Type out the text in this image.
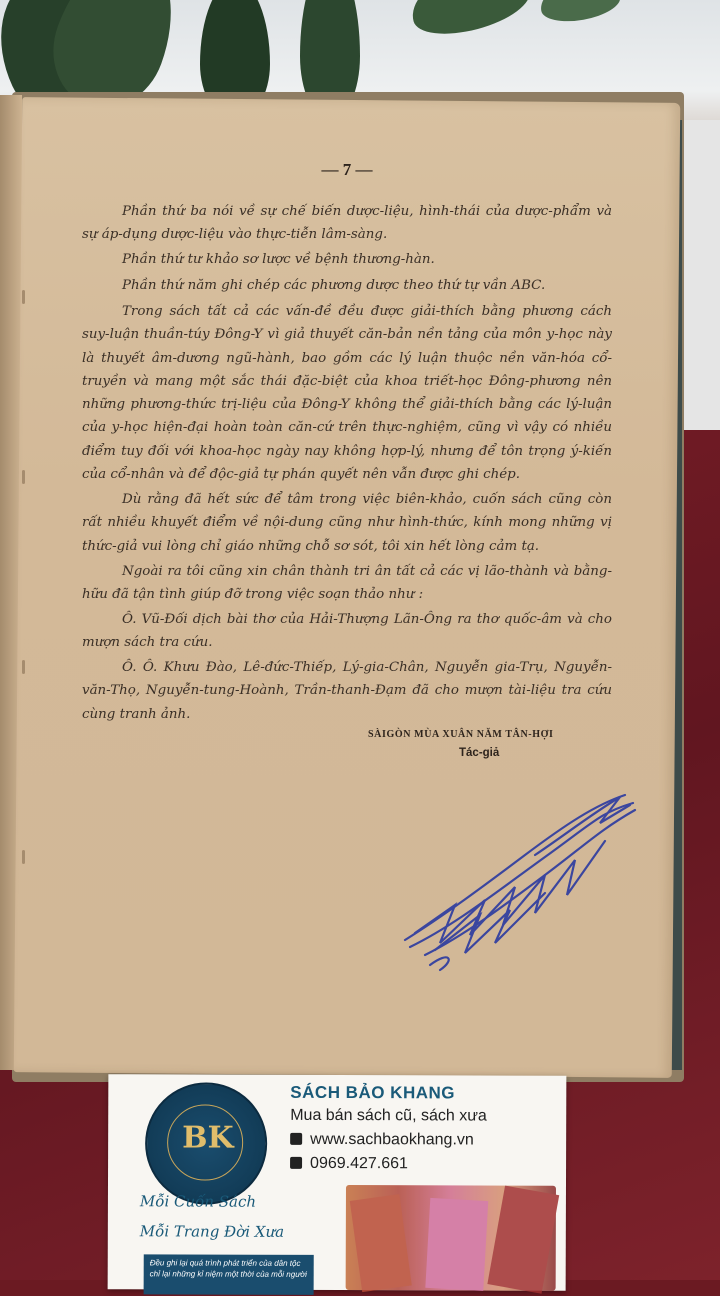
— 7 —
Phần thứ ba nói về sự chế biến dược-liệu, hình-thái của dược-phẩm và sự áp-dụng dược-liệu vào thực-tiễn lâm-sàng.
Phần thứ tư khảo sơ lược về bệnh thương-hàn.
Phần thứ năm ghi chép các phương dược theo thứ tự vần ABC.
Trong sách tất cả các vấn-đề đều được giải-thích bằng phương cách suy-luận thuần-túy Đông-Y vì giả thuyết căn-bản nền tảng của môn y-học này là thuyết âm-dương ngũ-hành, bao gồm các lý luận thuộc nền văn-hóa cổ-truyền và mang một sắc thái đặc-biệt của khoa triết-học Đông-phương nên những phương-thức trị-liệu của Đông-Y không thể giải-thích bằng các lý-luận của y-học hiện-đại hoàn toàn căn-cứ trên thực-nghiệm, cũng vì vậy có nhiều điểm tuy đối với khoa-học ngày nay không hợp-lý, nhưng để tôn trọng ý-kiến của cổ-nhân và để độc-giả tự phán quyết nên vẫn được ghi chép.
Dù rằng đã hết sức để tâm trong việc biên-khảo, cuốn sách cũng còn rất nhiều khuyết điểm về nội-dung cũng như hình-thức, kính mong những vị thức-giả vui lòng chỉ giáo những chỗ sơ sót, tôi xin hết lòng cảm tạ.
Ngoài ra tôi cũng xin chân thành tri ân tất cả các vị lão-thành và bằng-hữu đã tận tình giúp đỡ trong việc soạn thảo như :
Ô. Vũ-Đối dịch bài thơ của Hải-Thượng Lãn-Ông ra thơ quốc-âm và cho mượn sách tra cứu.
Ô. Ô. Khưu Đào, Lê-đức-Thiếp, Lý-gia-Chân, Nguyễn gia-Trụ, Nguyễn-văn-Thọ, Nguyễn-tung-Hoành, Trần-thanh-Đạm đã cho mượn tài-liệu tra cứu cùng tranh ảnh.
SÀIGÒN MÙA XUÂN NĂM TÂN-HỢI
Tác-giả
BK
SÁCH BẢO KHANG
Mua bán sách cũ, sách xưa
www.sachbaokhang.vn
0969.427.661
Mỗi Cuốn Sách
Mỗi Trang Đời Xưa
Đều ghi lại quá trình phát triển của dân tộc chỉ lại những kỉ niệm một thời của mỗi người
